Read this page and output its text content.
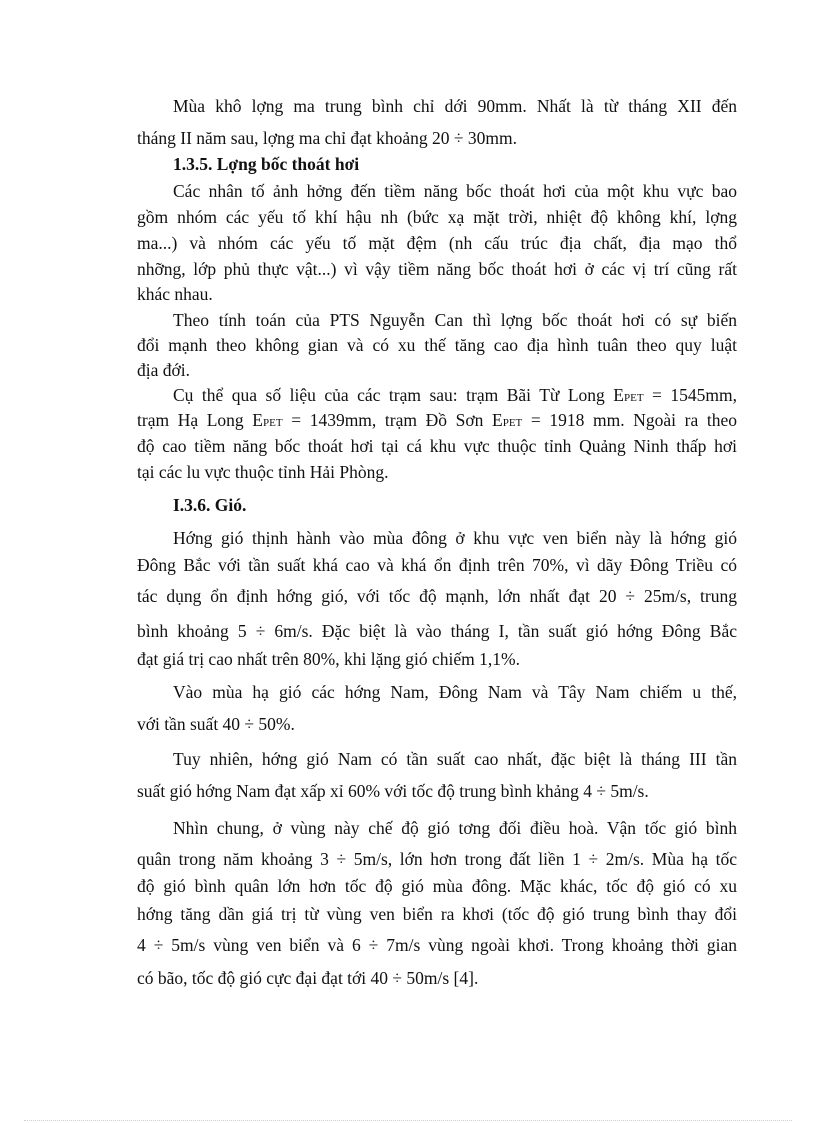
Mùa khô lợng ma trung bình chỉ dới 90mm. Nhất là từ tháng XII đến
tháng II năm sau, lợng ma chỉ đạt khoảng 20 ÷ 30mm.
1.3.5. Lợng bốc thoát hơi
Các nhân tố ảnh hởng đến tiềm năng bốc thoát hơi của một khu vực bao
gồm nhóm các yếu tố khí hậu nh (bức xạ mặt trời, nhiệt độ không khí, lợng
ma...) và nhóm các yếu tố mặt đệm (nh cấu trúc địa chất, địa mạo thổ
nhỡng, lớp phủ thực vật...) vì vậy tiềm năng bốc thoát hơi ở các vị trí cũng rất
khác nhau.
Theo tính toán của PTS Nguyễn Can thì lợng bốc thoát hơi có sự biến
đổi mạnh theo không gian và có xu thế tăng cao địa hình tuân theo quy luật
địa đới.
Cụ thể qua số liệu của các trạm sau: trạm Bãi Từ Long EPET = 1545mm,
trạm Hạ Long EPET = 1439mm, trạm Đồ Sơn EPET = 1918 mm. Ngoài ra theo
độ cao tiềm năng bốc thoát hơi tại cá khu vực thuộc tỉnh Quảng Ninh thấp hơi
tại các lu vực thuộc tỉnh Hải Phòng.
I.3.6. Gió.
Hớng gió thịnh hành vào mùa đông ở khu vực ven biển này là hớng gió
Đông Bắc với tần suất khá cao và khá ổn định trên 70%, vì dãy Đông Triều có
tác dụng ổn định hớng gió, với tốc độ mạnh, lớn nhất đạt 20 ÷ 25m/s, trung
bình khoảng 5 ÷ 6m/s. Đặc biệt là vào tháng I, tần suất gió hớng Đông Bắc
đạt giá trị cao nhất trên 80%, khi lặng gió chiếm 1,1%.
Vào mùa hạ gió các hớng Nam, Đông Nam và Tây Nam chiếm u thế,
với tần suất 40 ÷ 50%.
Tuy nhiên, hớng gió Nam có tần suất cao nhất, đặc biệt là tháng III tần
suất gió hớng Nam đạt xấp xỉ 60% với tốc độ trung bình khảng 4 ÷ 5m/s.
Nhìn chung, ở vùng này chế độ gió tơng đối điều hoà. Vận tốc gió bình
quân trong năm khoảng 3 ÷ 5m/s, lớn hơn trong đất liền 1 ÷ 2m/s. Mùa hạ tốc
độ gió bình quân lớn hơn tốc độ gió mùa đông. Mặc khác, tốc độ gió có xu
hớng tăng dần giá trị từ vùng ven biển ra khơi (tốc độ gió trung bình thay đổi
4 ÷ 5m/s vùng ven biển và 6 ÷ 7m/s vùng ngoài khơi. Trong khoảng thời gian
có bão, tốc độ gió cực đại đạt tới 40 ÷ 50m/s [4].
